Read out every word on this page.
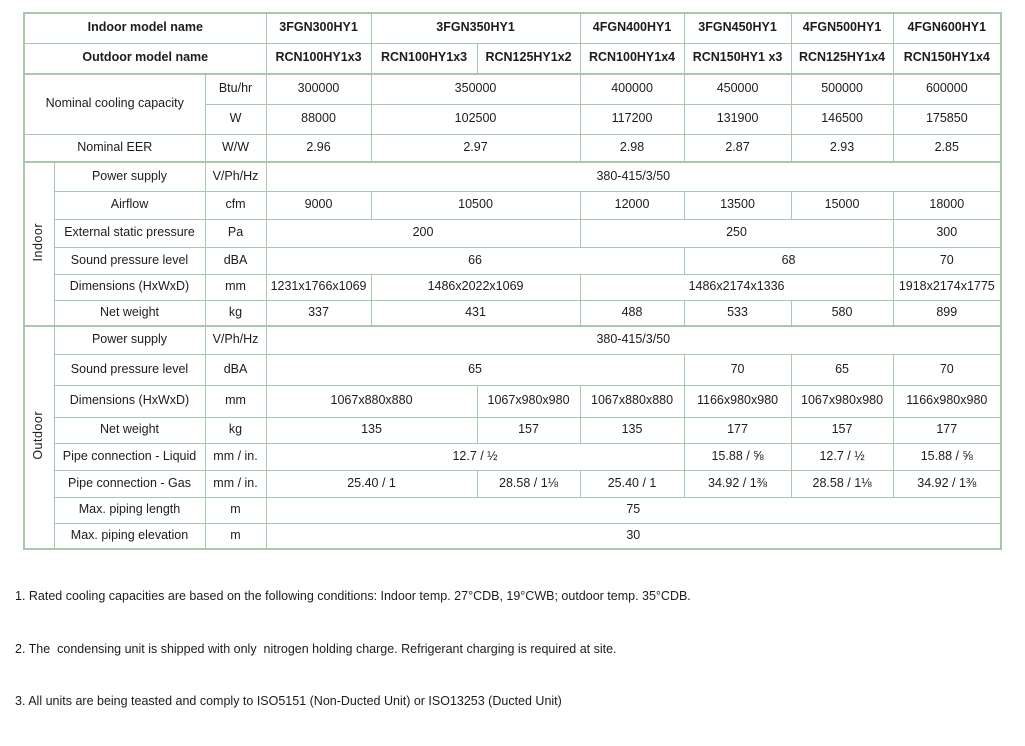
Indoor model name			3FGN300HY1	3FGN350HY1		4FGN400HY1	3FGN450HY1	4FGN500HY1	4FGN600HY1
Outdoor model name			RCN100HY1x3	RCN100HY1x3	RCN125HY1x2	RCN100HY1x4	RCN150HY1 x3	RCN125HY1x4	RCN150HY1x4
Nominal cooling capacity		Btu/hr	300000	350000		400000	450000	500000	600000
		W	88000	102500		117200	131900	146500	175850
Nominal EER		W/W	2.96	2.97		2.98	2.87	2.93	2.85
Indoor	Power supply	V/Ph/Hz	380-415/3/50						
	Airflow	cfm	9000	10500		12000	13500	15000	18000
	External static pressure	Pa	200			250			300
	Sound pressure level	dBA	66				68		70
	Dimensions (HxWxD)	mm	1231x1766x1069	1486x2022x1069		1486x2174x1336			1918x2174x1775
	Net weight	kg	337	431		488	533	580	899
Outdoor	Power supply	V/Ph/Hz	380-415/3/50						
	Sound pressure level	dBA	65				70	65	70
	Dimensions (HxWxD)	mm	1067x880x880		1067x980x980	1067x880x880	1166x980x980	1067x980x980	1166x980x980
	Net weight	kg	135		157	135	177	157	177
	Pipe connection - Liquid	mm / in.	12.7 / ½				15.88 / ⅝	12.7 / ½	15.88 / ⅝
	Pipe connection - Gas	mm / in.	25.40 / 1		28.58 / 1⅛	25.40 / 1	34.92 / 1⅜	28.58 / 1⅛	34.92 / 1⅜
	Max. piping length	m	75						
	Max. piping elevation	m	30						

1. Rated cooling capacities are based on the following conditions: Indoor temp. 27°CDB, 19°CWB; outdoor temp. 35°CDB.

2. The  condensing unit is shipped with only  nitrogen holding charge. Refrigerant charging is required at site.

3. All units are being teasted and comply to ISO5151 (Non-Ducted Unit) or ISO13253 (Ducted Unit)
